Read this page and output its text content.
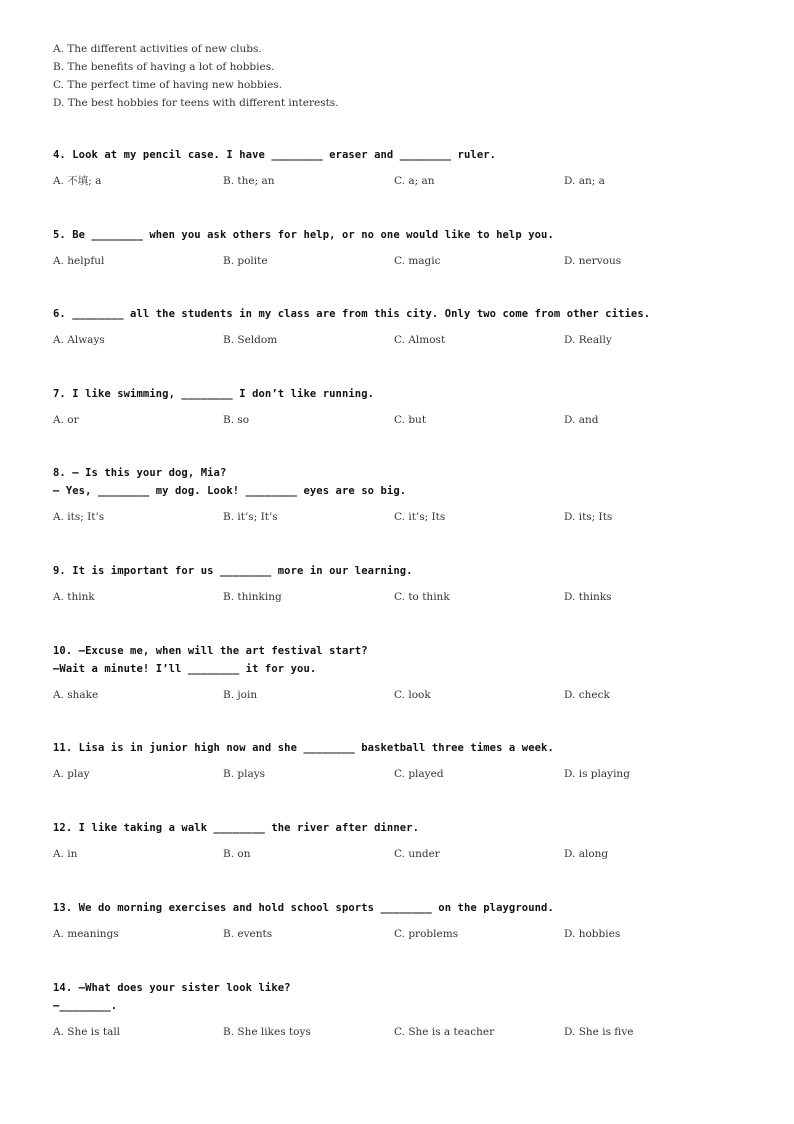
A. The different activities of new clubs.
B. The benefits of having a lot of hobbies.
C. The perfect time of having new hobbies.
D. The best hobbies for teens with different interests.
4. Look at my pencil case. I have ________ eraser and ________ ruler.
A. 不填; a	B. the; an	C. a; an	D. an; a
5. Be ________ when you ask others for help, or no one would like to help you.
A. helpful	B. polite	C. magic	D. nervous
6. ________ all the students in my class are from this city. Only two come from other cities.
A. Always	B. Seldom	C. Almost	D. Really
7. I like swimming, ________ I don’t like running.
A. or	B. so	C. but	D. and
8. — Is this your dog, Mia?
— Yes, ________ my dog. Look! ________ eyes are so big.
A. its; It’s	B. it’s; It’s	C. it’s; Its	D. its; Its
9. It is important for us ________ more in our learning.
A. think	B. thinking	C. to think	D. thinks
10. —Excuse me, when will the art festival start?
—Wait a minute! I’ll ________ it for you.
A. shake	B. join	C. look	D. check
11. Lisa is in junior high now and she ________ basketball three times a week.
A. play	B. plays	C. played	D. is playing
12. I like taking a walk ________ the river after dinner.
A. in	B. on	C. under	D. along
13. We do morning exercises and hold school sports ________ on the playground.
A. meanings	B. events	C. problems	D. hobbies
14. —What does your sister look like?
—________.
A. She is tall	B. She likes toys	C. She is a teacher	D. She is five
